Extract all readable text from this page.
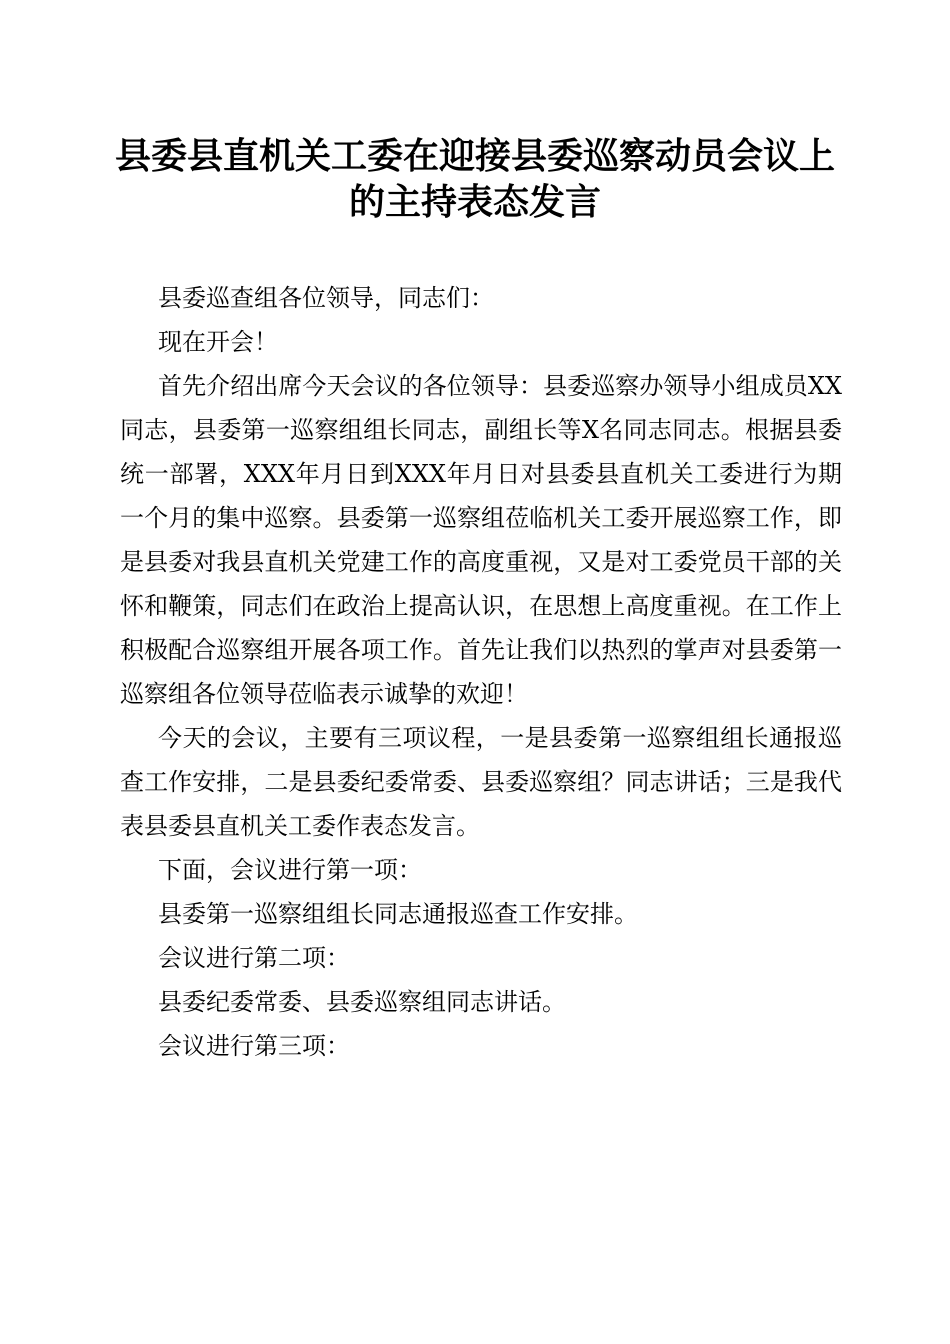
县委县直机关工委在迎接县委巡察动员会议上
的主持表态发言

县委巡查组各位领导，同志们：

现在开会！

首先介绍出席今天会议的各位领导：县委巡察办领导小组成员XX同志，县委第一巡察组组长同志，副组长等X名同志同志。根据县委统一部署，XXX年月日到XXX年月日对县委县直机关工委进行为期一个月的集中巡察。县委第一巡察组莅临机关工委开展巡察工作，即是县委对我县直机关党建工作的高度重视，又是对工委党员干部的关怀和鞭策，同志们在政治上提高认识，在思想上高度重视。在工作上积极配合巡察组开展各项工作。首先让我们以热烈的掌声对县委第一巡察组各位领导莅临表示诚挚的欢迎！

今天的会议，主要有三项议程，一是县委第一巡察组组长通报巡查工作安排，二是县委纪委常委、县委巡察组？同志讲话；三是我代表县委县直机关工委作表态发言。

下面，会议进行第一项：

县委第一巡察组组长同志通报巡查工作安排。

会议进行第二项：

县委纪委常委、县委巡察组同志讲话。

会议进行第三项：
